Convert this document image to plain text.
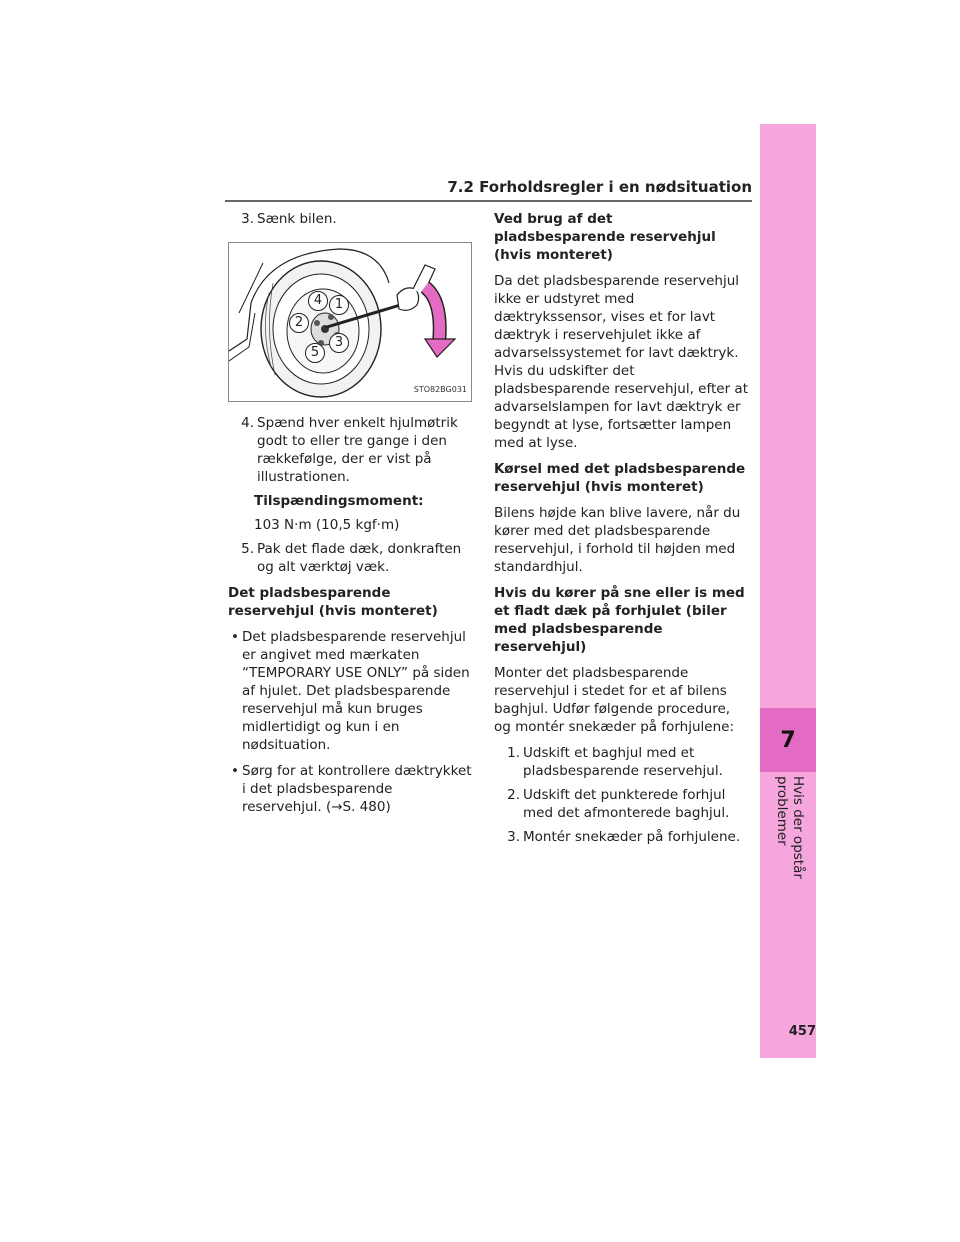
7
Hvis der opstår problemer
7.2 Forholdsregler i en nødsituation
3. Sænk bilen.
4 1
2
3
5
STO82BG031
4. Spænd hver enkelt hjulmøtrik godt to eller tre gange i den rækkefølge, der er vist på illustrationen.
Tilspændingsmoment:
103 N·m (10,5 kgf·m)
5. Pak det flade dæk, donkraften og alt værktøj væk.
Det pladsbesparende reservehjul (hvis monteret)
• Det pladsbesparende reservehjul er angivet med mærkaten “TEMPORARY USE ONLY” på siden af hjulet. Det pladsbesparende reservehjul må kun bruges midlertidigt og kun i en nødsituation.
• Sørg for at kontrollere dæktrykket i det pladsbesparende reservehjul. (→S. 480)
Ved brug af det pladsbesparende reservehjul (hvis monteret)

Da det pladsbesparende reservehjul ikke er udstyret med dæktrykssensor, vises et for lavt dæktryk i reservehjulet ikke af advarselssystemet for lavt dæktryk. Hvis du udskifter det pladsbesparende reservehjul, efter at advarselslampen for lavt dæktryk er begyndt at lyse, fortsætter lampen med at lyse.

Kørsel med det pladsbesparende reservehjul (hvis monteret)

Bilens højde kan blive lavere, når du kører med det pladsbesparende reservehjul, i forhold til højden med standardhjul.

Hvis du kører på sne eller is med et fladt dæk på forhjulet (biler med pladsbesparende reservehjul)

Monter det pladsbesparende reservehjul i stedet for et af bilens baghjul. Udfør følgende procedure, og montér snekæder på forhjulene:

1. Udskift et baghjul med et pladsbesparende reservehjul.
2. Udskift det punkterede forhjul med det afmonterede baghjul.
3. Montér snekæder på forhjulene.
457
